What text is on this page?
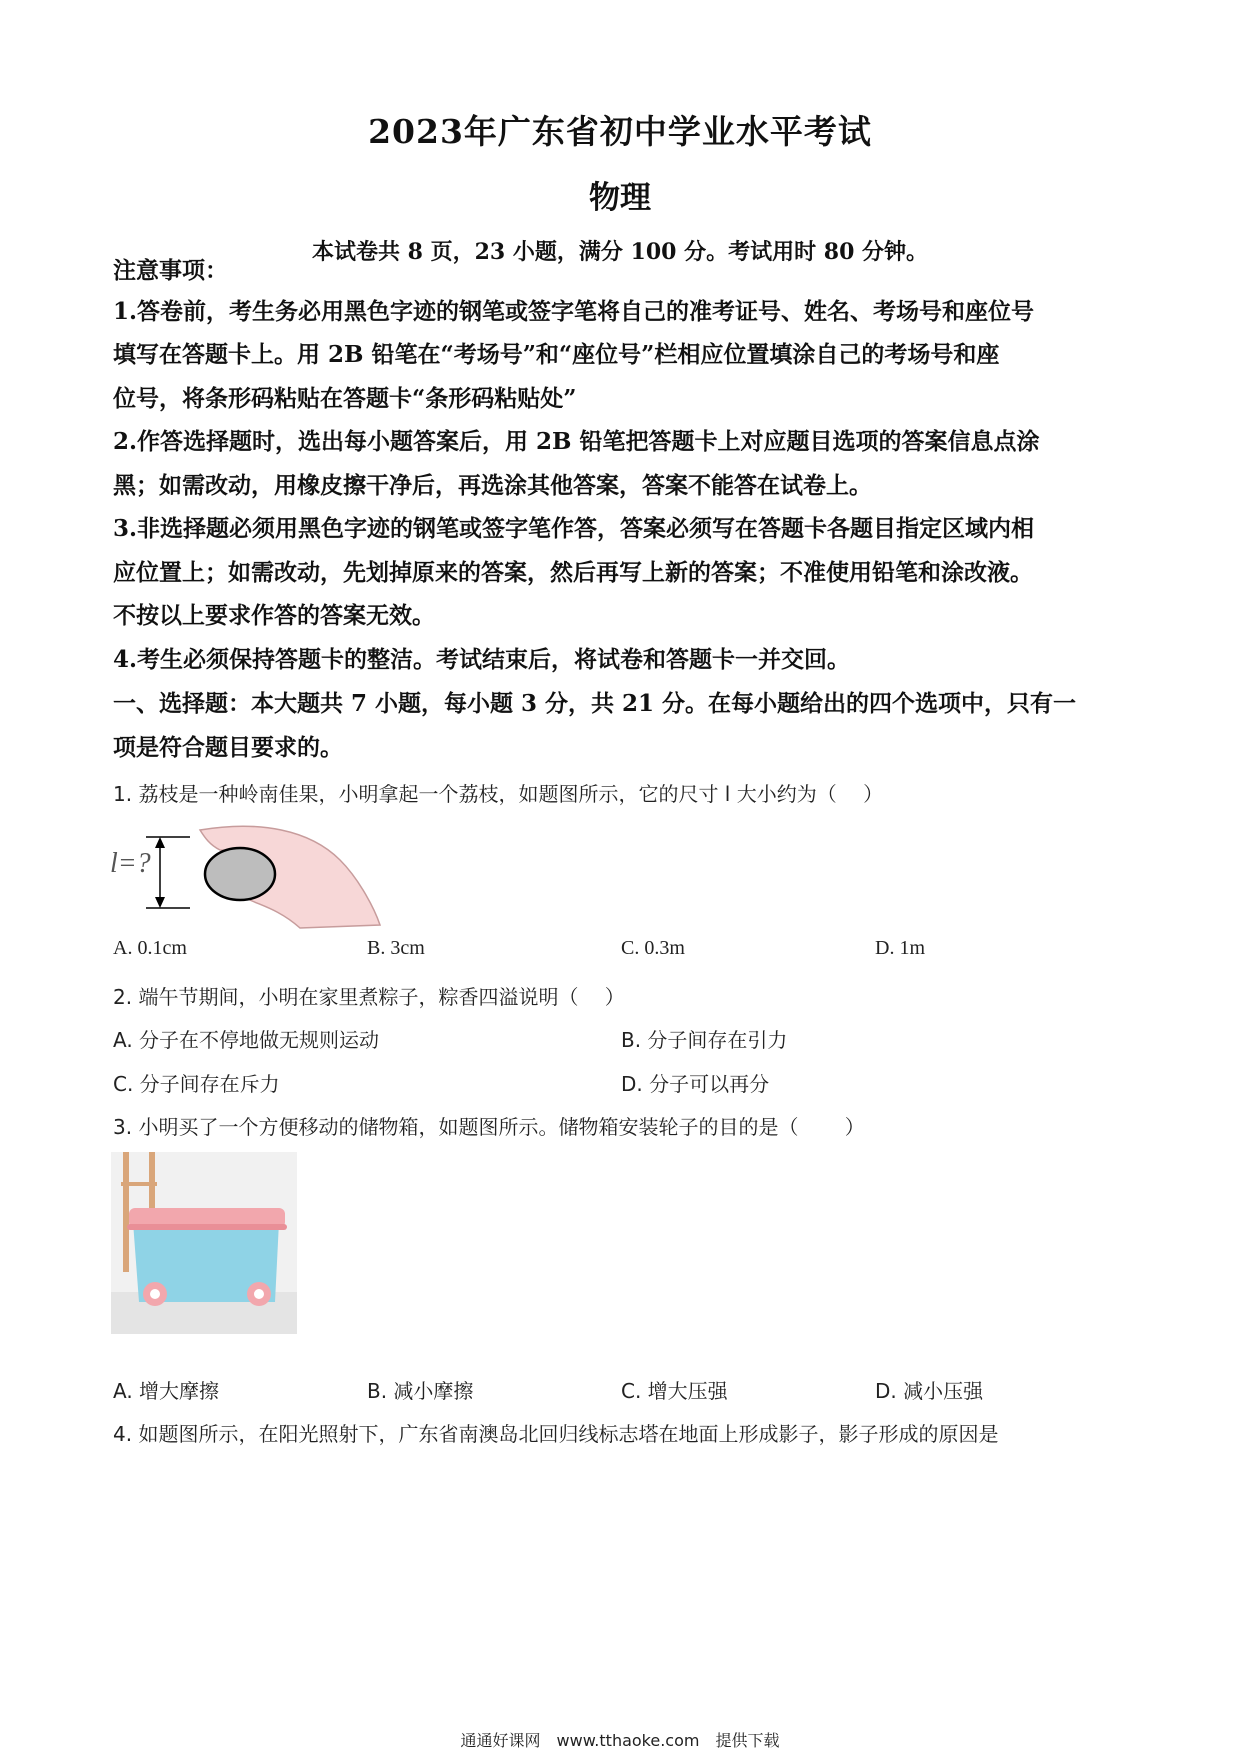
2023年广东省初中学业水平考试
物理
本试卷共 8 页，23 小题，满分 100 分。考试用时 80 分钟。
注意事项：
1.答卷前，考生务必用黑色字迹的钢笔或签字笔将自己的准考证号、姓名、考场号和座位号
填写在答题卡上。用 2B 铅笔在“考场号”和“座位号”栏相应位置填涂自己的考场号和座
位号，将条形码粘贴在答题卡“条形码粘贴处”
2.作答选择题时，选出每小题答案后，用 2B 铅笔把答题卡上对应题目选项的答案信息点涂
黑；如需改动，用橡皮擦干净后，再选涂其他答案，答案不能答在试卷上。
3.非选择题必须用黑色字迹的钢笔或签字笔作答，答案必须写在答题卡各题目指定区域内相
应位置上；如需改动，先划掉原来的答案，然后再写上新的答案；不准使用铅笔和涂改液。
不按以上要求作答的答案无效。
4.考生必须保持答题卡的整洁。考试结束后，将试卷和答题卡一并交回。
一、选择题：本大题共 7 小题，每小题 3 分，共 21 分。在每小题给出的四个选项中，只有一
项是符合题目要求的。
1. 荔枝是一种岭南佳果，小明拿起一个荔枝，如题图所示，它的尺寸 l 大小约为（　 ）
l=?
A. 0.1cm	B. 3cm	C. 0.3m	D. 1m
2. 端午节期间，小明在家里煮粽子，粽香四溢说明（　 ）
A. 分子在不停地做无规则运动	B. 分子间存在引力
C. 分子间存在斥力	D. 分子可以再分
3. 小明买了一个方便移动的储物箱，如题图所示。储物箱安装轮子的目的是（　　 ）
A. 增大摩擦	B. 减小摩擦	C. 增大压强	D. 减小压强
4. 如题图所示，在阳光照射下，广东省南澳岛北回归线标志塔在地面上形成影子，影子形成的原因是
通通好课网　www.tthaoke.com　提供下载
